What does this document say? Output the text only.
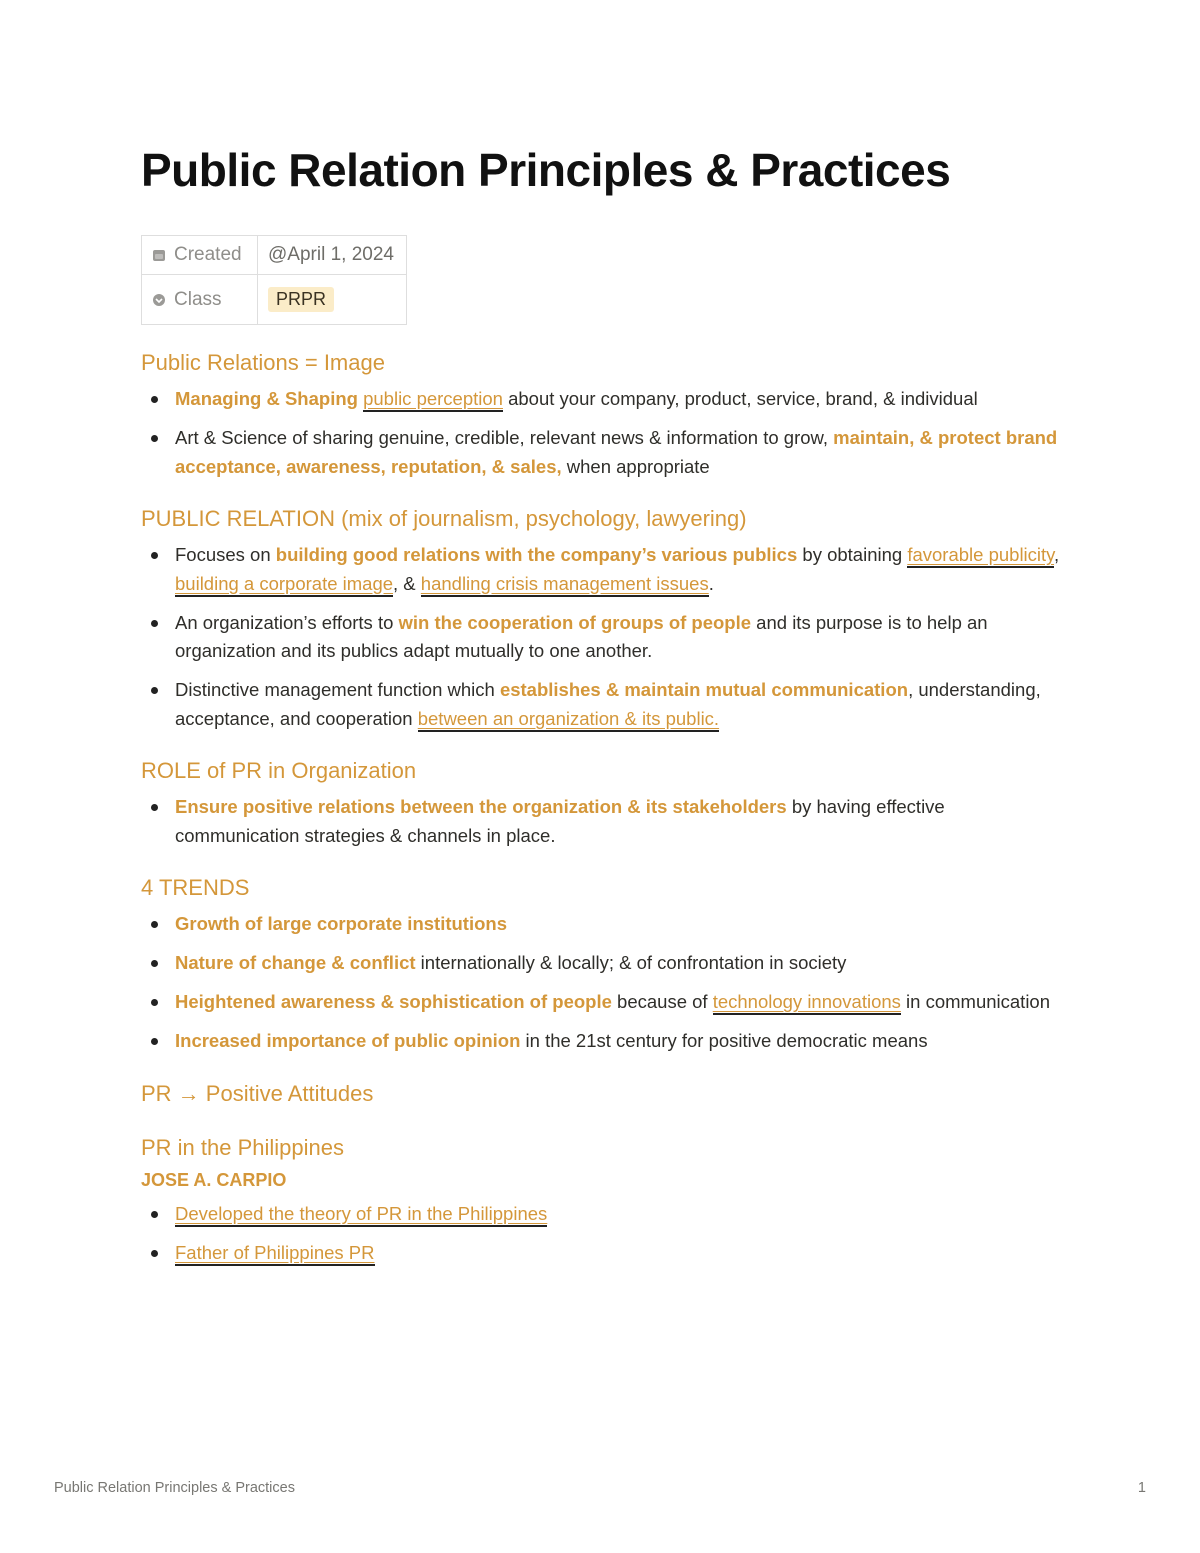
Public Relation Principles & Practices
Created	@April 1, 2024
Class	PRPR
Public Relations = Image
Managing & Shaping public perception about your company, product, service, brand, & individual
Art & Science of sharing genuine, credible, relevant news & information to grow, maintain, & protect brand acceptance, awareness, reputation, & sales, when appropriate
PUBLIC RELATION (mix of journalism, psychology, lawyering)
Focuses on building good relations with the company’s various publics by obtaining favorable publicity, building a corporate image, & handling crisis management issues.
An organization’s efforts to win the cooperation of groups of people and its purpose is to help an organization and its publics adapt mutually to one another.
Distinctive management function which establishes & maintain mutual communication, understanding, acceptance, and cooperation between an organization & its public.
ROLE of PR in Organization
Ensure positive relations between the organization & its stakeholders by having effective communication strategies & channels in place.
4 TRENDS
Growth of large corporate institutions
Nature of change & conflict internationally & locally; & of confrontation in society
Heightened awareness & sophistication of people because of technology innovations in communication
Increased importance of public opinion in the 21st century for positive democratic means
PR → Positive Attitudes
PR in the Philippines
JOSE A. CARPIO
Developed the theory of PR in the Philippines
Father of Philippines PR
Public Relation Principles & Practices	1
